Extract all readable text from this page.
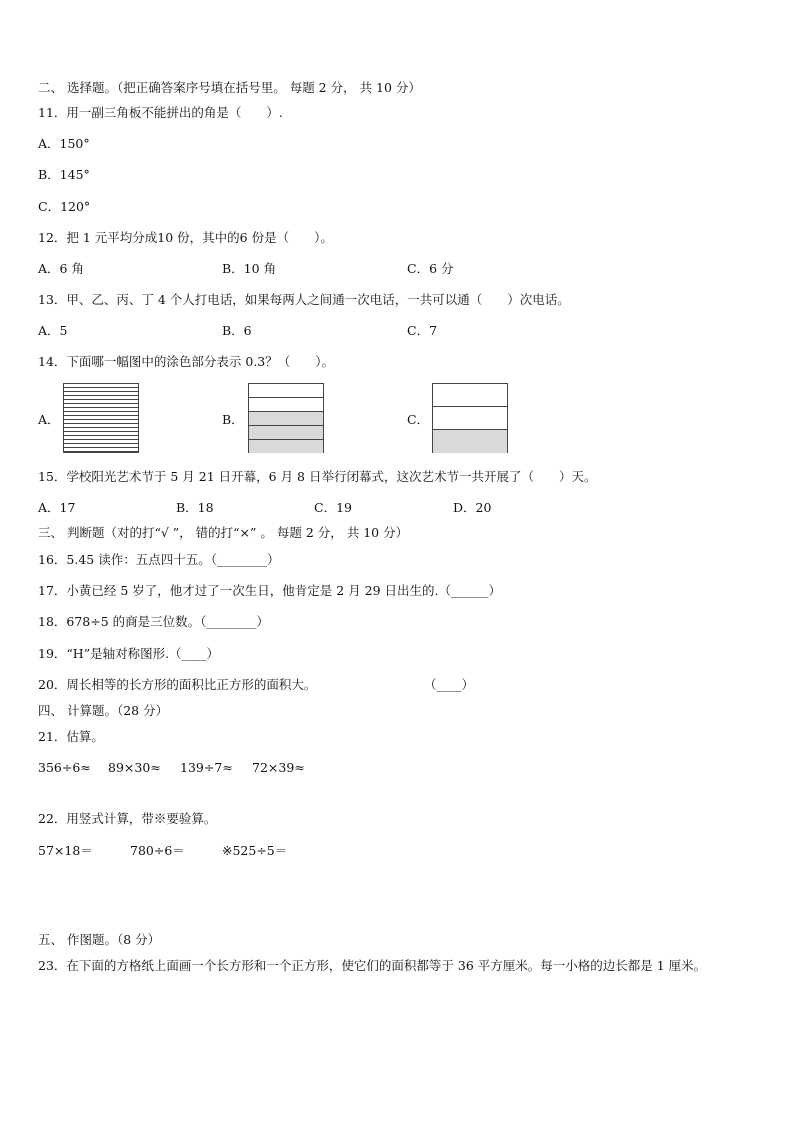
二、 选择题。（把正确答案序号填在括号里。 每题 2 分， 共 10 分）
11．用一副三角板不能拼出的角是（　　）.
A．150°
B．145°
C．120°
12．把 1 元平均分成10 份，其中的6 份是（　　）。
A．6 角	B．10 角	C．6 分
13．甲、乙、丙、丁 4 个人打电话，如果每两人之间通一次电话，一共可以通（　　）次电话。
A．5	B．6	C．7
14．下面哪一幅图中的涂色部分表示 0.3？（　　）。
A．	B．	C．
15．学校阳光艺术节于 5 月 21 日开幕，6 月 8 日举行闭幕式，这次艺术节一共开展了（　　）天。
A．17	B．18	C．19	D．20
三、 判断题（对的打“√ ”， 错的打“×” 。 每题 2 分， 共 10 分）
16．5.45 读作：五点四十五。（________）
17．小黄已经 5 岁了，他才过了一次生日，他肯定是 2 月 29 日出生的.（______）
18．678÷5 的商是三位数。（________）
19．“H”是轴对称图形.（____）
20．周长相等的长方形的面积比正方形的面积大。	（____）
四、 计算题。（28 分）
21．估算。
356÷6≈ 89×30≈ 139÷7≈ 72×39≈
22．用竖式计算，带※要验算。
57×18＝	780÷6＝	※525÷5＝
五、 作图题。（8 分）
23．在下面的方格纸上面画一个长方形和一个正方形，使它们的面积都等于 36 平方厘米。每一小格的边长都是 1 厘米。
